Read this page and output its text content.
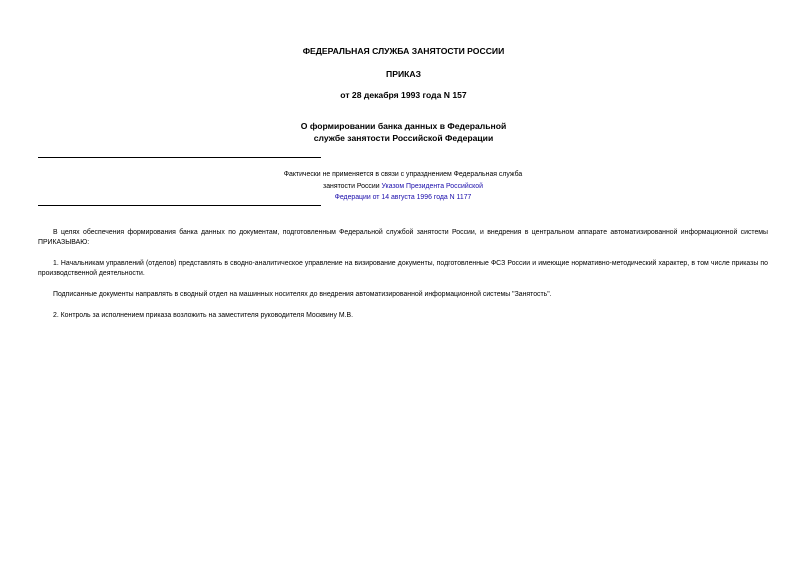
ФЕДЕРАЛЬНАЯ СЛУЖБА ЗАНЯТОСТИ РОССИИ
ПРИКАЗ
от 28 декабря 1993 года N 157
О формировании банка данных в Федеральной
службе занятости Российской Федерации
Фактически не применяется в связи с упразднением Федеральная служба
занятости России Указом Президента Российской
Федерации от 14 августа 1996 года N 1177

В целях обеспечения формирования банка данных по документам, подготовленным Федеральной службой занятости России, и внедрения в центральном аппарате автоматизированной информационной системы ПРИКАЗЫВАЮ:

1. Начальникам управлений (отделов) представлять в сводно-аналитическое управление на визирование документы, подготовленные ФСЗ России и имеющие нормативно-методический характер, в том числе приказы по производственной деятельности.

Подписанные документы направлять в сводный отдел на машинных носителях до внедрения автоматизированной информационной системы "Занятость".

2. Контроль за исполнением приказа возложить на заместителя руководителя Москвину М.В.
